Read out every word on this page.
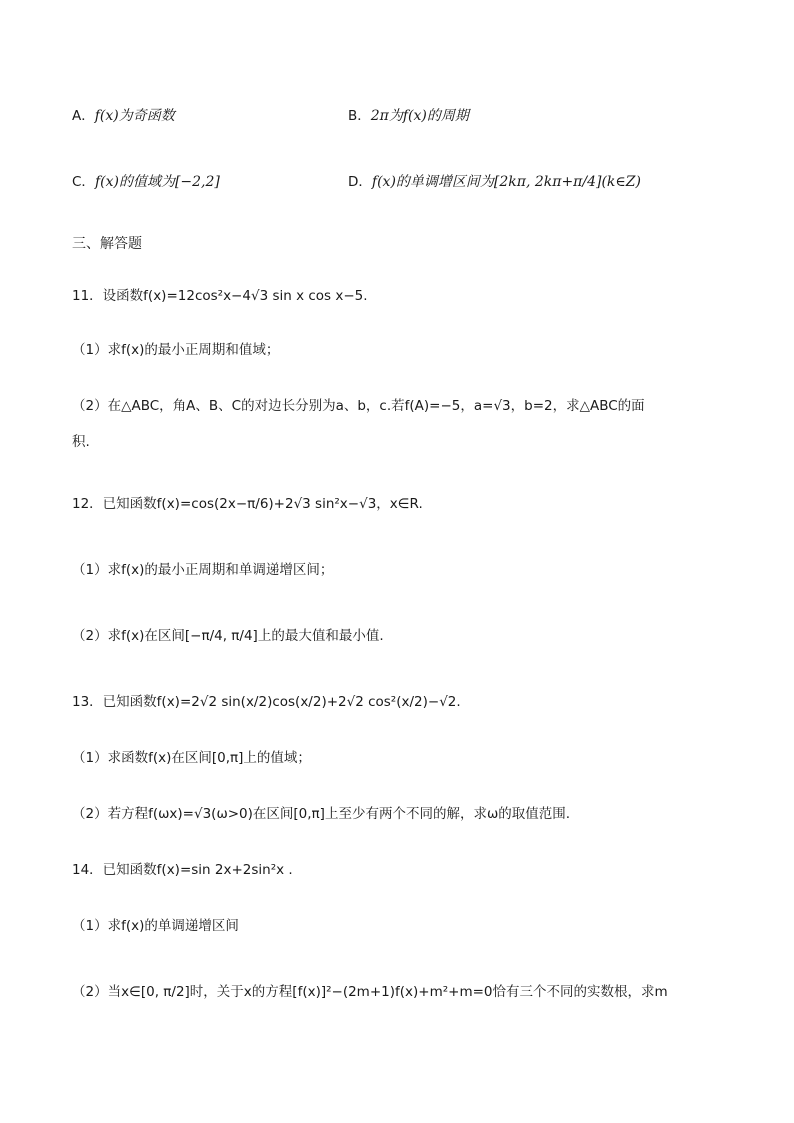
A．f(x)为奇函数	B．2π为f(x)的周期
C．f(x)的值域为[−2,2]	D．f(x)的单调增区间为[2kπ, 2kπ+π/4](k∈Z)
三、解答题
11．设函数f(x)=12cos²x−4√3 sin x cos x−5.
（1）求f(x)的最小正周期和值域；
（2）在△ABC，角A、B、C的对边长分别为a、b，c.若f(A)=−5，a=√3，b=2，求△ABC的面
积.
12．已知函数f(x)=cos(2x−π/6)+2√3 sin²x−√3，x∈R.
（1）求f(x)的最小正周期和单调递增区间；
（2）求f(x)在区间[−π/4, π/4]上的最大值和最小值.
13．已知函数f(x)=2√2 sin(x/2)cos(x/2)+2√2 cos²(x/2)−√2.
（1）求函数f(x)在区间[0,π]上的值域；
（2）若方程f(ωx)=√3(ω>0)在区间[0,π]上至少有两个不同的解，求ω的取值范围.
14．已知函数f(x)=sin 2x+2sin²x .
（1）求f(x)的单调递增区间
（2）当x∈[0, π/2]时，关于x的方程[f(x)]²−(2m+1)f(x)+m²+m=0恰有三个不同的实数根，求m
